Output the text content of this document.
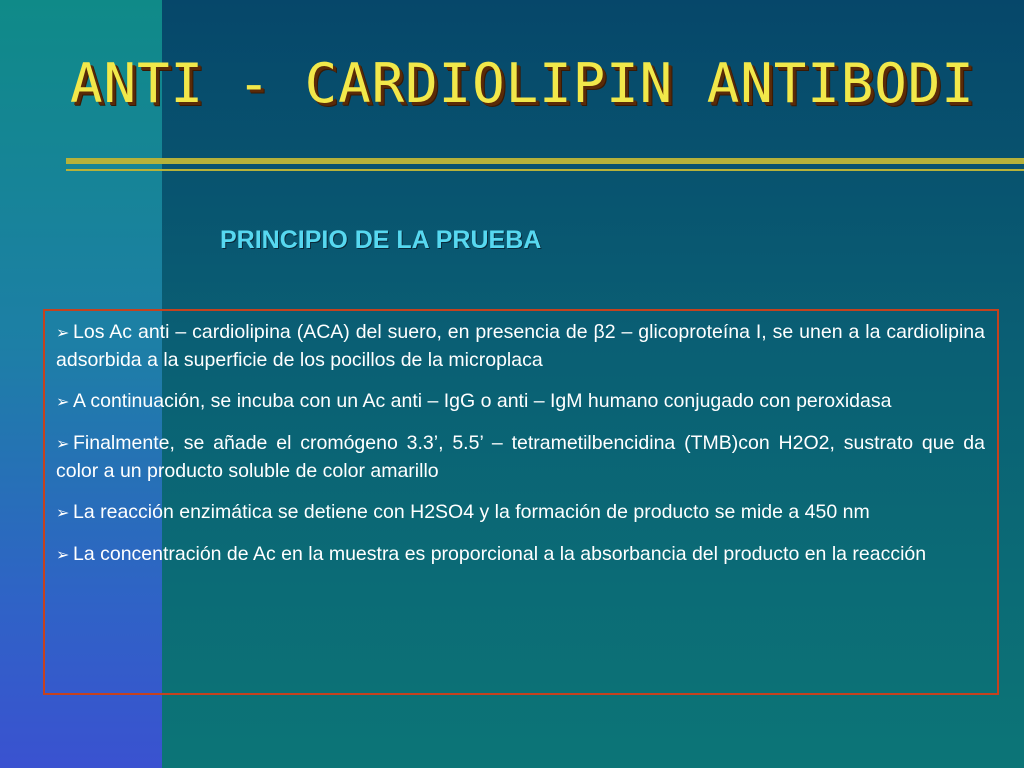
ANTI - CARDIOLIPIN ANTIBODI
PRINCIPIO DE LA PRUEBA

➢ Los Ac anti – cardiolipina (ACA) del suero, en presencia de β2 – glicoproteína I, se unen a la cardiolipina adsorbida a la superficie de los pocillos de la microplaca

➢ A continuación, se incuba con un Ac anti – IgG o anti – IgM humano conjugado con peroxidasa

➢ Finalmente, se añade el cromógeno 3.3’, 5.5’ – tetrametilbencidina (TMB)con H2O2, sustrato que da color a un producto soluble de color amarillo

➢ La reacción enzimática se detiene con H2SO4 y la formación de producto se mide a 450 nm

➢ La concentración de Ac en la muestra es proporcional a la absorbancia del producto en la reacción
